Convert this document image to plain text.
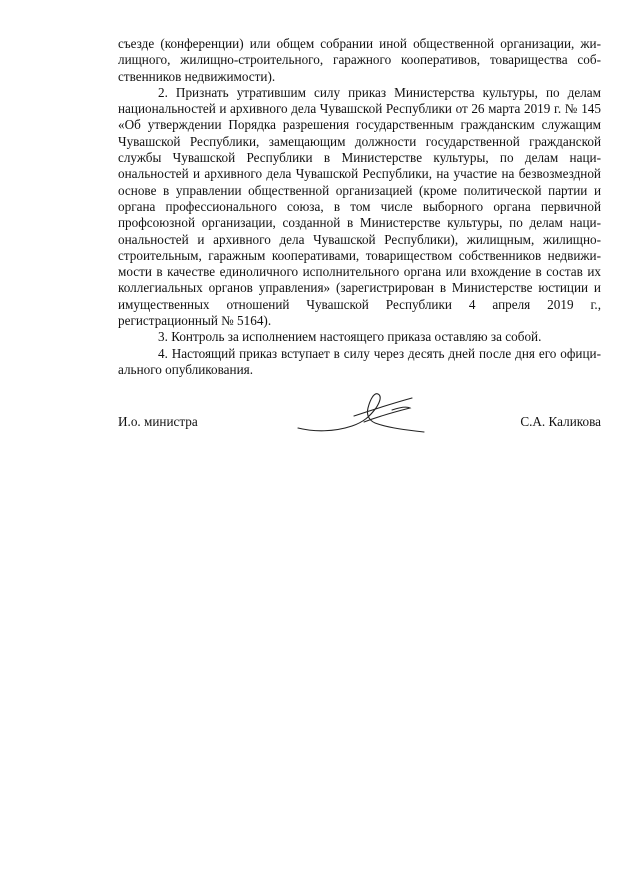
съезде (конференции) или общем собрании иной общественной организации, жилищного, жилищно-строительного, гаражного кооперативов, товарищества собственников недвижимости).

2. Признать утратившим силу приказ Министерства культуры, по делам национальностей и архивного дела Чувашской Республики от 26 марта 2019 г. № 145 «Об утверждении Порядка разрешения государственным гражданским служащим Чувашской Республики, замещающим должности государственной гражданской службы Чувашской Республики в Министерстве культуры, по делам национальностей и архивного дела Чувашской Республики, на участие на безвозмездной основе в управлении общественной организацией (кроме политической партии и органа профессионального союза, в том числе выборного органа первичной профсоюзной организации, созданной в Министерстве культуры, по делам национальностей и архивного дела Чувашской Республики), жилищным, жилищно-строительным, гаражным кооперативами, товариществом собственников недвижимости в качестве единоличного исполнительного органа или вхождение в состав их коллегиальных органов управления» (зарегистрирован в Министерстве юстиции и имущественных отношений Чувашской Республики 4 апреля 2019 г., регистрационный № 5164).

3. Контроль за исполнением настоящего приказа оставляю за собой.

4. Настоящий приказ вступает в силу через десять дней после дня его официального опубликования.

И.о. министра	С.А. Каликова
